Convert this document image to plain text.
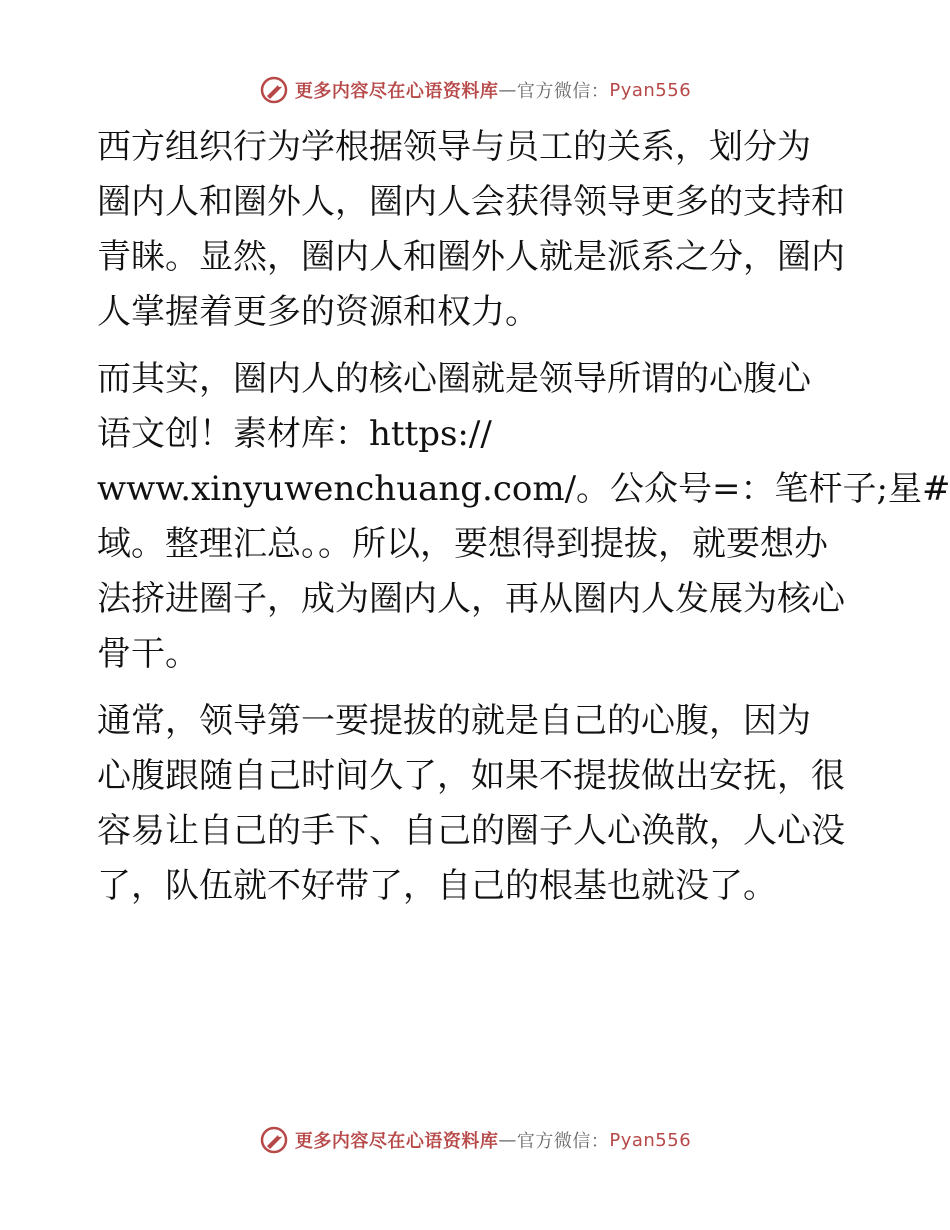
更多内容尽在心语资料库 — 官方微信： Pyan556
西方组织行为学根据领导与员工的关系，划分为
圈内人和圈外人，圈内人会获得领导更多的支持和
青睐。显然，圈内人和圈外人就是派系之分，圈内
人掌握着更多的资源和权力。
而其实，圈内人的核心圈就是领导所谓的心腹心
语文创！素材库：https://
www.xinyuwenchuang.com/。公众号=：笔杆子;星#
域。整理汇总。。所以，要想得到提拔，就要想办
法挤进圈子，成为圈内人，再从圈内人发展为核心
骨干。
通常，领导第一要提拔的就是自己的心腹，因为
心腹跟随自己时间久了，如果不提拔做出安抚，很
容易让自己的手下、自己的圈子人心涣散，人心没
了，队伍就不好带了，自己的根基也就没了。
更多内容尽在心语资料库 — 官方微信： Pyan556
